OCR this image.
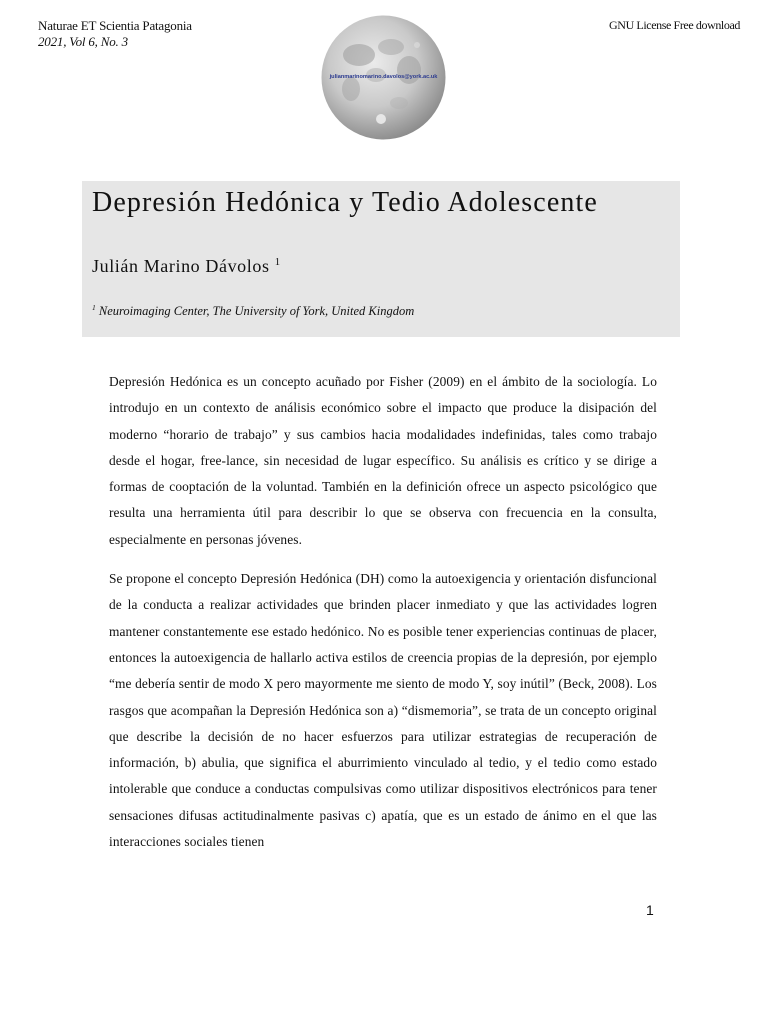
Naturae ET Scientia Patagonia
2021, Vol 6, No. 3
GNU License Free download
julianmarinomarino.davolos@york.ac.uk
Depresión Hedónica y Tedio Adolescente
Julián Marino Dávolos $^1$
$^1$ Neuroimaging Center, The University of York, United Kingdom

Depresión Hedónica es un concepto acuñado por Fisher (2009) en el ámbito de la sociología. Lo introdujo en un contexto de análisis económico sobre el impacto que produce la disipación del moderno “horario de trabajo” y sus cambios hacia modalidades indefinidas, tales como trabajo desde el hogar, free-lance, sin necesidad de lugar específico. Su análisis es crítico y se dirige a formas de cooptación de la voluntad. También en la definición ofrece un aspecto psicológico que resulta una herramienta útil para describir lo que se observa con frecuencia en la consulta, especialmente en personas jóvenes.

Se propone el concepto Depresión Hedónica (DH) como la autoexigencia y orientación disfuncional de la conducta a realizar actividades que brinden placer inmediato y que las actividades logren mantener constantemente ese estado hedónico. No es posible tener experiencias continuas de placer, entonces la autoexigencia de hallarlo activa estilos de creencia propias de la depresión, por ejemplo “me debería sentir de modo X pero mayormente me siento de modo Y, soy inútil” (Beck, 2008). Los rasgos que acompañan la Depresión Hedónica son a) “dismemoria”, se trata de un concepto original que describe la decisión de no hacer esfuerzos para utilizar estrategias de recuperación de información, b) abulia, que significa el aburrimiento vinculado al tedio, y el tedio como estado intolerable que conduce a conductas compulsivas como utilizar dispositivos electrónicos para tener sensaciones difusas actitudinalmente pasivas c) apatía, que es un estado de ánimo en el que las interacciones sociales tienen

1
